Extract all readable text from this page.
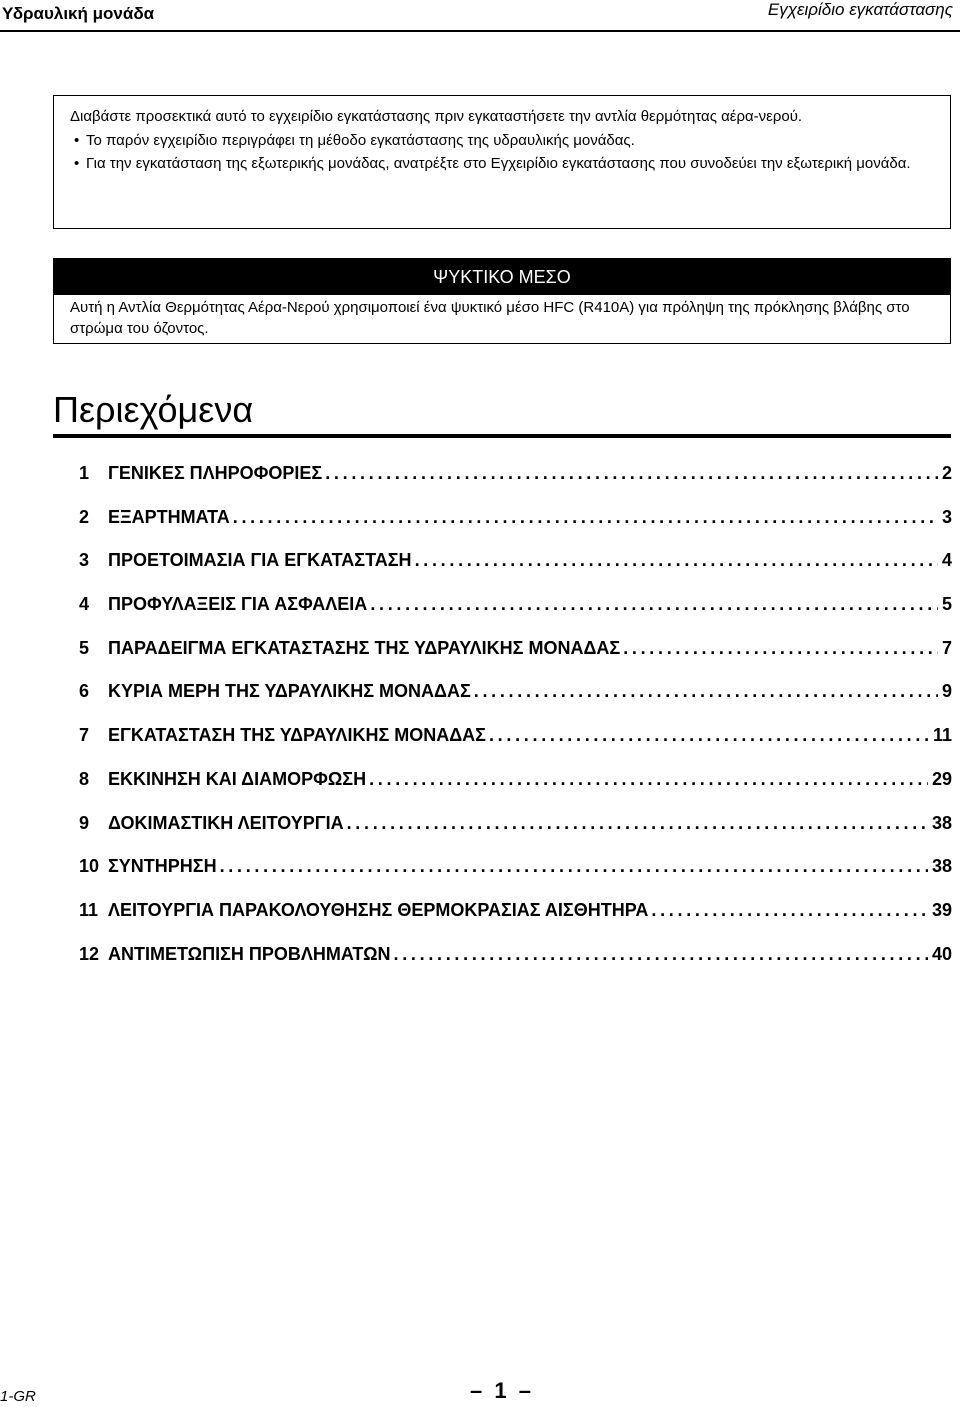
Υδραυλική μονάδα	Εγχειρίδιο εγκατάστασης

Διαβάστε προσεκτικά αυτό το εγχειρίδιο εγκατάστασης πριν εγκαταστήσετε την αντλία θερμότητας αέρα-νερού.

• Το παρόν εγχειρίδιο περιγράφει τη μέθοδο εγκατάστασης της υδραυλικής μονάδας.
• Για την εγκατάσταση της εξωτερικής μονάδας, ανατρέξτε στο Εγχειρίδιο εγκατάστασης που συνοδεύει την εξωτερική μονάδα.
ΨΥΚΤΙΚΟ ΜΕΣΟ
Αυτή η Αντλία Θερμότητας Αέρα-Νερού χρησιμοποιεί ένα ψυκτικό μέσο HFC (R410A) για πρόληψη της πρόκλησης βλάβης στο στρώμα του όζοντος.
Περιεχόμενα
1	ΓΕΝΙΚΕΣ ΠΛΗΡΟΦΟΡΙΕΣ . . .	2
2	ΕΞΑΡΤΗΜΑΤΑ . . .	3
3	ΠΡΟΕΤΟΙΜΑΣΙΑ ΓΙΑ ΕΓΚΑΤΑΣΤΑΣΗ . . .	4
4	ΠΡΟΦΥΛΑΞΕΙΣ ΓΙΑ ΑΣΦΑΛΕΙΑ . . .	5
5	ΠΑΡΑΔΕΙΓΜΑ ΕΓΚΑΤΑΣΤΑΣΗΣ ΤΗΣ ΥΔΡΑΥΛΙΚΗΣ ΜΟΝΑΔΑΣ . . .	7
6	ΚΥΡΙΑ ΜΕΡΗ ΤΗΣ ΥΔΡΑΥΛΙΚΗΣ ΜΟΝΑΔΑΣ . . .	9
7	ΕΓΚΑΤΑΣΤΑΣΗ ΤΗΣ ΥΔΡΑΥΛΙΚΗΣ ΜΟΝΑΔΑΣ . . .	11
8	ΕΚΚΙΝΗΣΗ ΚΑΙ ΔΙΑΜΟΡΦΩΣΗ . . .	29
9	ΔΟΚΙΜΑΣΤΙΚΗ ΛΕΙΤΟΥΡΓΙΑ . . .	38
10 ΣΥΝΤΗΡΗΣΗ . . .	38
11 ΛΕΙΤΟΥΡΓΙΑ ΠΑΡΑΚΟΛΟΥΘΗΣΗΣ ΘΕΡΜΟΚΡΑΣΙΑΣ ΑΙΣΘΗΤΗΡΑ . . .	39
12 ΑΝΤΙΜΕΤΩΠΙΣΗ ΠΡΟΒΛΗΜΑΤΩΝ . . .	40
1-GR	– 1 –
